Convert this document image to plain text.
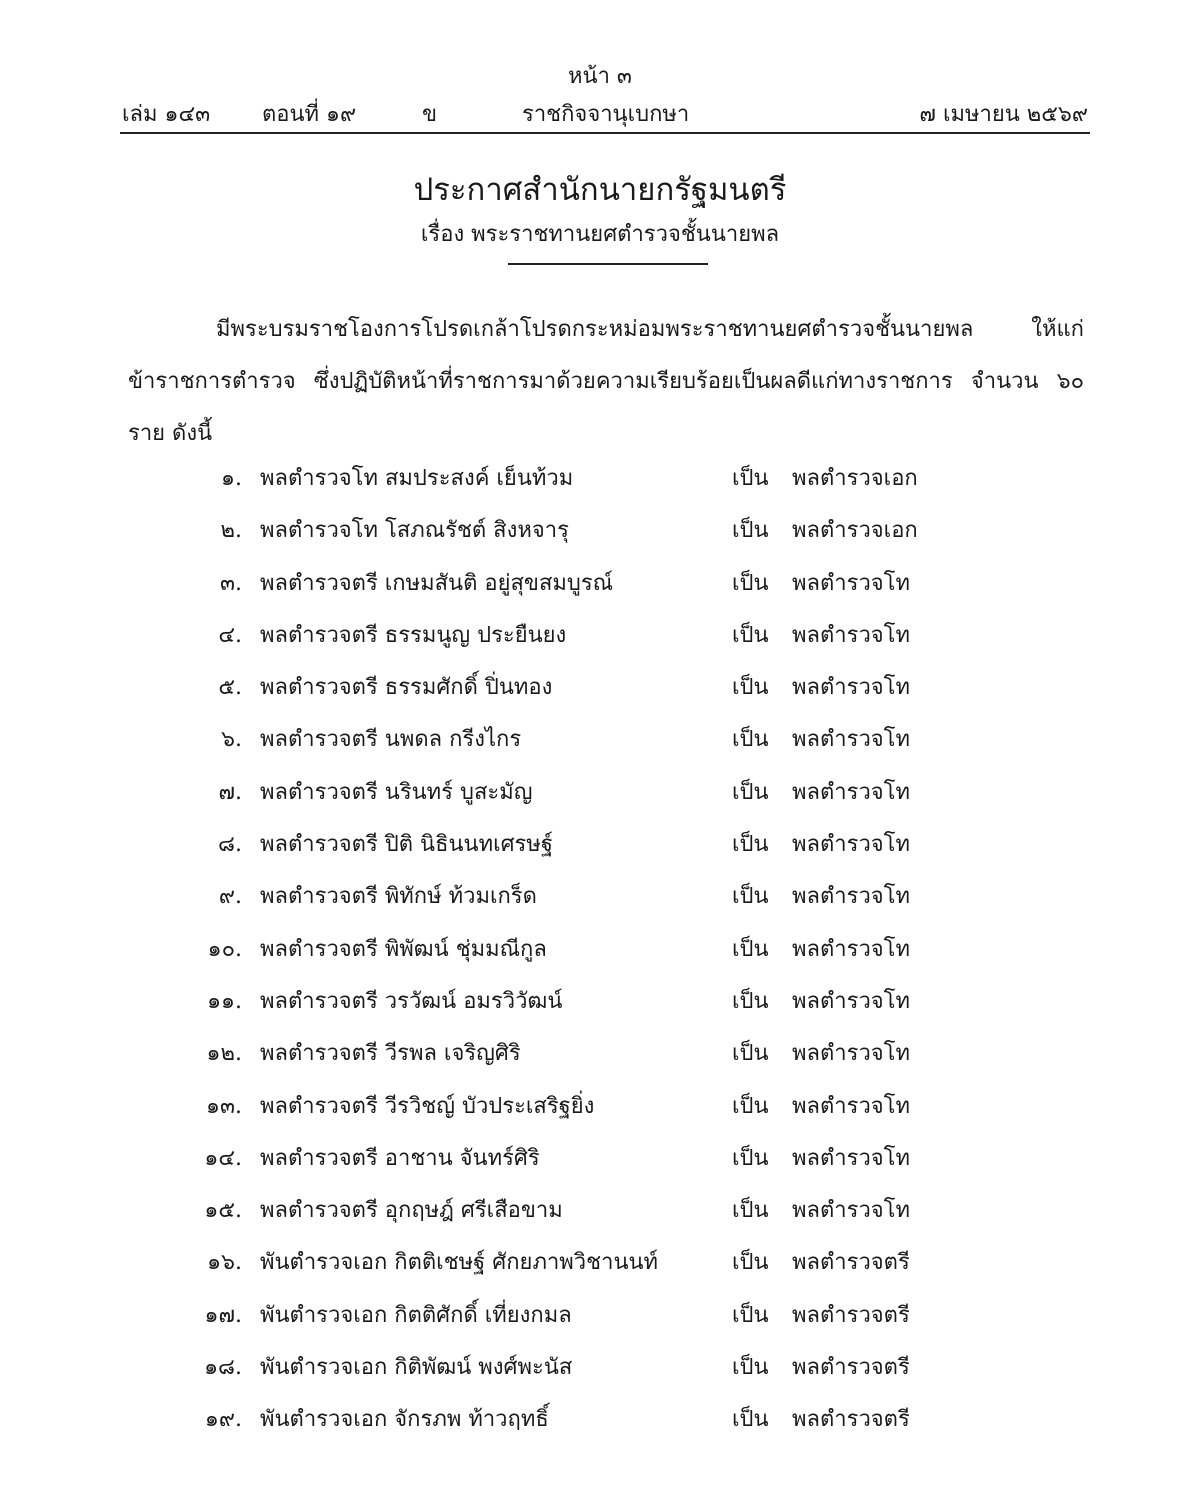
หน้า ๓
เล่ม ๑๔๓ ตอนที่ ๑๙	ข	ราชกิจจานุเบกษา	๗ เมษายน ๒๕๖๙
ประกาศสำนักนายกรัฐมนตรี
เรื่อง พระราชทานยศตำรวจชั้นนายพล
มีพระบรมราชโองการโปรดเกล้าโปรดกระหม่อมพระราชทานยศตำรวจชั้นนายพล ให้แก่ข้าราชการตำรวจ ซึ่งปฏิบัติหน้าที่ราชการมาด้วยความเรียบร้อยเป็นผลดีแก่ทางราชการ จำนวน ๖๐ ราย ดังนี้
๑. พลตำรวจโท สมประสงค์ เย็นท้วม	เป็น พลตำรวจเอก
๒. พลตำรวจโท โสภณรัชต์ สิงหจารุ	เป็น พลตำรวจเอก
๓. พลตำรวจตรี เกษมสันติ อยู่สุขสมบูรณ์	เป็น พลตำรวจโท
๔. พลตำรวจตรี ธรรมนูญ ประยืนยง	เป็น พลตำรวจโท
๕. พลตำรวจตรี ธรรมศักดิ์ ปิ่นทอง	เป็น พลตำรวจโท
๖. พลตำรวจตรี นพดล กรีงไกร	เป็น พลตำรวจโท
๗. พลตำรวจตรี นรินทร์ บูสะมัญ	เป็น พลตำรวจโท
๘. พลตำรวจตรี ปิติ นิธินนทเศรษฐ์	เป็น พลตำรวจโท
๙. พลตำรวจตรี พิทักษ์ ท้วมเกร็ด	เป็น พลตำรวจโท
๑๐. พลตำรวจตรี พิพัฒน์ ชุ่มมณีกูล	เป็น พลตำรวจโท
๑๑. พลตำรวจตรี วรวัฒน์ อมรวิวัฒน์	เป็น พลตำรวจโท
๑๒. พลตำรวจตรี วีรพล เจริญศิริ	เป็น พลตำรวจโท
๑๓. พลตำรวจตรี วีรวิชญ์ บัวประเสริฐยิ่ง	เป็น พลตำรวจโท
๑๔. พลตำรวจตรี อาชาน จันทร์ศิริ	เป็น พลตำรวจโท
๑๕. พลตำรวจตรี อุกฤษฎ์ ศรีเสือขาม	เป็น พลตำรวจโท
๑๖. พันตำรวจเอก กิตติเชษฐ์ ศักยภาพวิชานนท์	เป็น พลตำรวจตรี
๑๗. พันตำรวจเอก กิตติศักดิ์ เที่ยงกมล	เป็น พลตำรวจตรี
๑๘. พันตำรวจเอก กิติพัฒน์ พงศ์พะนัส	เป็น พลตำรวจตรี
๑๙. พันตำรวจเอก จักรภพ ท้าวฤทธิ์	เป็น พลตำรวจตรี
